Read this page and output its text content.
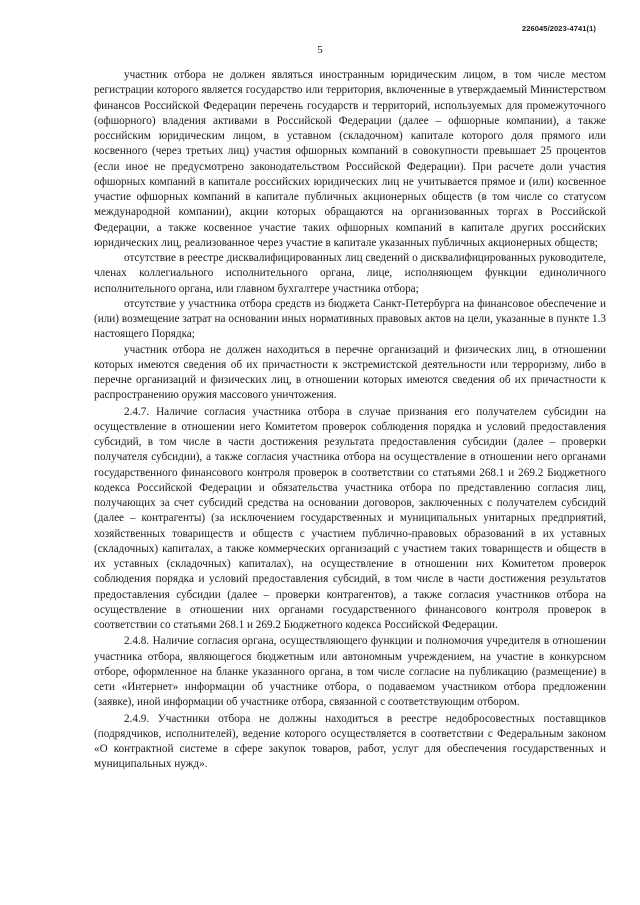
226045/2023-4741(1)
5

участник отбора не должен являться иностранным юридическим лицом, в том числе местом регистрации которого является государство или территория, включенные в утверждаемый Министерством финансов Российской Федерации перечень государств и территорий, используемых для промежуточного (офшорного) владения активами в Российской Федерации (далее – офшорные компании), а также российским юридическим лицом, в уставном (складочном) капитале которого доля прямого или косвенного (через третьих лиц) участия офшорных компаний в совокупности превышает 25 процентов (если иное не предусмотрено законодательством Российской Федерации). При расчете доли участия офшорных компаний в капитале российских юридических лиц не учитывается прямое и (или) косвенное участие офшорных компаний в капитале публичных акционерных обществ (в том числе со статусом международной компании), акции которых обращаются на организованных торгах в Российской Федерации, а также косвенное участие таких офшорных компаний в капитале других российских юридических лиц, реализованное через участие в капитале указанных публичных акционерных обществ;

отсутствие в реестре дисквалифицированных лиц сведений о дисквалифицированных руководителе, членах коллегиального исполнительного органа, лице, исполняющем функции единоличного исполнительного органа, или главном бухгалтере участника отбора;

отсутствие у участника отбора средств из бюджета Санкт-Петербурга на финансовое обеспечение и (или) возмещение затрат на основании иных нормативных правовых актов на цели, указанные в пункте 1.3 настоящего Порядка;

участник отбора не должен находиться в перечне организаций и физических лиц, в отношении которых имеются сведения об их причастности к экстремистской деятельности или терроризму, либо в перечне организаций и физических лиц, в отношении которых имеются сведения об их причастности к распространению оружия массового уничтожения.

2.4.7. Наличие согласия участника отбора в случае признания его получателем субсидии на осуществление в отношении него Комитетом проверок соблюдения порядка и условий предоставления субсидий, в том числе в части достижения результата предоставления субсидии (далее – проверки получателя субсидии), а также согласия участника отбора на осуществление в отношении него органами государственного финансового контроля проверок в соответствии со статьями 268.1 и 269.2 Бюджетного кодекса Российской Федерации и обязательства участника отбора по представлению согласия лиц, получающих за счет субсидий средства на основании договоров, заключенных с получателем субсидий (далее – контрагенты) (за исключением государственных и муниципальных унитарных предприятий, хозяйственных товариществ и обществ с участием публично-правовых образований в их уставных (складочных) капиталах, а также коммерческих организаций с участием таких товариществ и обществ в их уставных (складочных) капиталах), на осуществление в отношении них Комитетом проверок соблюдения порядка и условий предоставления субсидий, в том числе в части достижения результатов предоставления субсидии (далее – проверки контрагентов), а также согласия участников отбора на осуществление в отношении них органами государственного финансового контроля проверок в соответствии со статьями 268.1 и 269.2 Бюджетного кодекса Российской Федерации.

2.4.8. Наличие согласия органа, осуществляющего функции и полномочия учредителя в отношении участника отбора, являющегося бюджетным или автономным учреждением, на участие в конкурсном отборе, оформленное на бланке указанного органа, в том числе согласие на публикацию (размещение) в сети «Интернет» информации об участнике отбора, о подаваемом участником отбора предложении (заявке), иной информации об участнике отбора, связанной с соответствующим отбором.

2.4.9. Участники отбора не должны находиться в реестре недобросовестных поставщиков (подрядчиков, исполнителей), ведение которого осуществляется в соответствии с Федеральным законом «О контрактной системе в сфере закупок товаров, работ, услуг для обеспечения государственных и муниципальных нужд».
